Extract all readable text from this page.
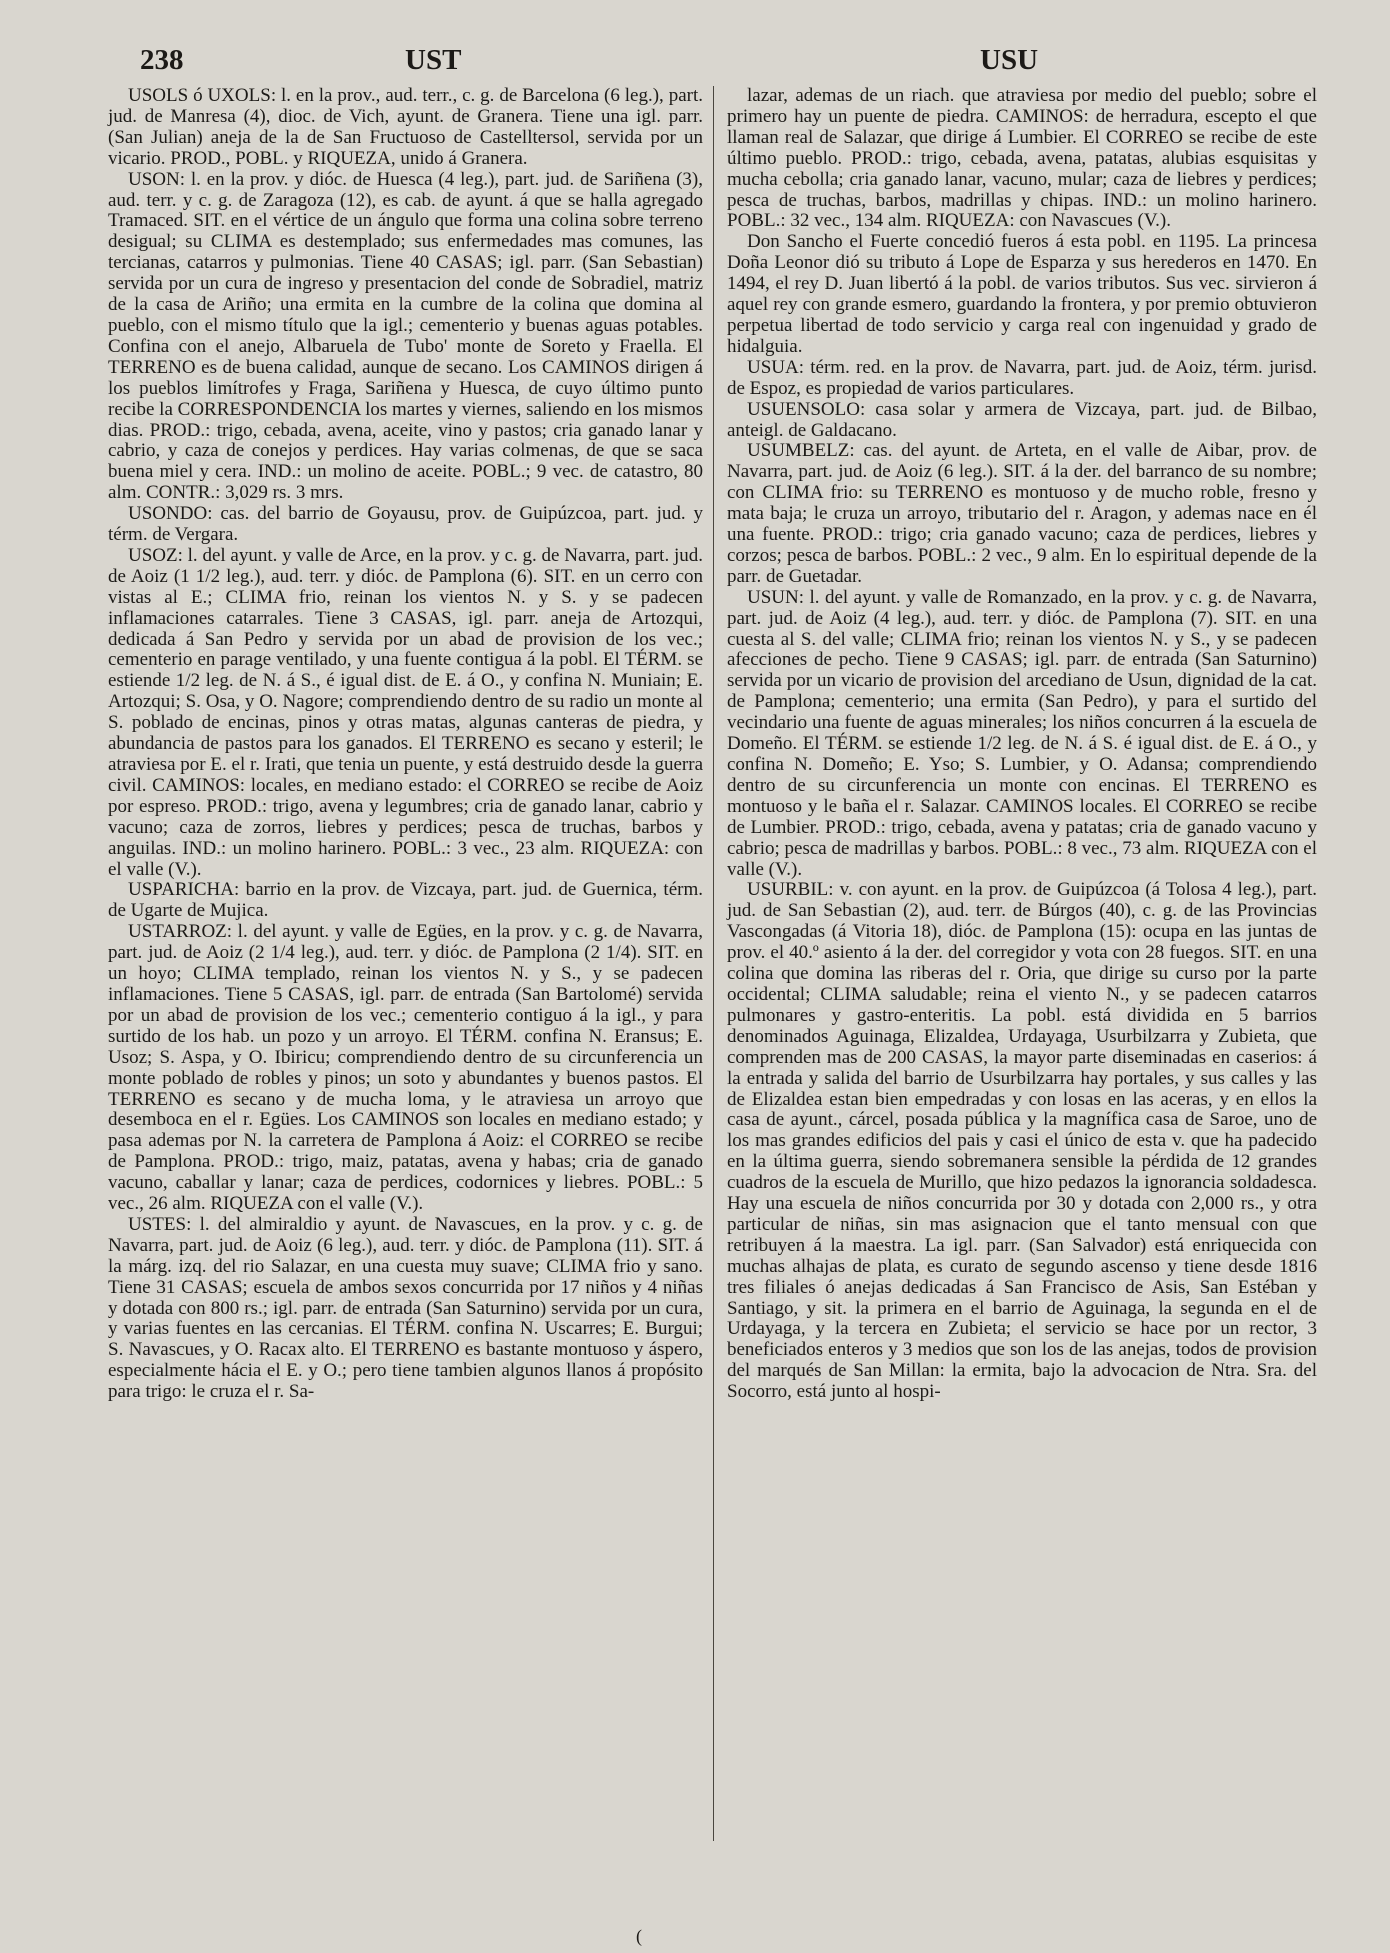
238	UST	USU

USOLS ó UXOLS: l. en la prov., aud. terr., c. g. de Barcelona (6 leg.), part. jud. de Manresa (4), dioc. de Vich, ayunt. de Granera. Tiene una igl. parr. (San Julian) aneja de la de San Fructuoso de Castelltersol, servida por un vicario. PROD., POBL. y RIQUEZA, unido á Granera.

USON: l. en la prov. y dióc. de Huesca (4 leg.), part. jud. de Sariñena (3), aud. terr. y c. g. de Zaragoza (12), es cab. de ayunt. á que se halla agregado Tramaced. SIT. en el vértice de un ángulo que forma una colina sobre terreno desigual; su CLIMA es destemplado; sus enfermedades mas comunes, las tercianas, catarros y pulmonias. Tiene 40 CASAS; igl. parr. (San Sebastian) servida por un cura de ingreso y presentacion del conde de Sobradiel, matriz de la casa de Ariño; una ermita en la cumbre de la colina que domina al pueblo, con el mismo título que la igl.; cementerio y buenas aguas potables. Confina con el anejo, Albaruela de Tubo' monte de Soreto y Fraella. El TERRENO es de buena calidad, aunque de secano. Los CAMINOS dirigen á los pueblos limítrofes y Fraga, Sariñena y Huesca, de cuyo último punto recibe la CORRESPONDENCIA los martes y viernes, saliendo en los mismos dias. PROD.: trigo, cebada, avena, aceite, vino y pastos; cria ganado lanar y cabrio, y caza de conejos y perdices. Hay varias colmenas, de que se saca buena miel y cera. IND.: un molino de aceite. POBL.; 9 vec. de catastro, 80 alm. CONTR.: 3,029 rs. 3 mrs.

USONDO: cas. del barrio de Goyausu, prov. de Guipúzcoa, part. jud. y térm. de Vergara.

USOZ: l. del ayunt. y valle de Arce, en la prov. y c. g. de Navarra, part. jud. de Aoiz (1 1/2 leg.), aud. terr. y dióc. de Pamplona (6). SIT. en un cerro con vistas al E.; CLIMA frio, reinan los vientos N. y S. y se padecen inflamaciones catarrales. Tiene 3 CASAS, igl. parr. aneja de Artozqui, dedicada á San Pedro y servida por un abad de provision de los vec.; cementerio en parage ventilado, y una fuente contigua á la pobl. El TÉRM. se estiende 1/2 leg. de N. á S., é igual dist. de E. á O., y confina N. Muniain; E. Artozqui; S. Osa, y O. Nagore; comprendiendo dentro de su radio un monte al S. poblado de encinas, pinos y otras matas, algunas canteras de piedra, y abundancia de pastos para los ganados. El TERRENO es secano y esteril; le atraviesa por E. el r. Irati, que tenia un puente, y está destruido desde la guerra civil. CAMINOS: locales, en mediano estado: el CORREO se recibe de Aoiz por espreso. PROD.: trigo, avena y legumbres; cria de ganado lanar, cabrio y vacuno; caza de zorros, liebres y perdices; pesca de truchas, barbos y anguilas. IND.: un molino harinero. POBL.: 3 vec., 23 alm. RIQUEZA: con el valle (V.).

USPARICHA: barrio en la prov. de Vizcaya, part. jud. de Guernica, térm. de Ugarte de Mujica.

USTARROZ: l. del ayunt. y valle de Egües, en la prov. y c. g. de Navarra, part. jud. de Aoiz (2 1/4 leg.), aud. terr. y dióc. de Pamplona (2 1/4). SIT. en un hoyo; CLIMA templado, reinan los vientos N. y S., y se padecen inflamaciones. Tiene 5 CASAS, igl. parr. de entrada (San Bartolomé) servida por un abad de provision de los vec.; cementerio contiguo á la igl., y para surtido de los hab. un pozo y un arroyo. El TÉRM. confina N. Eransus; E. Usoz; S. Aspa, y O. Ibiricu; comprendiendo dentro de su circunferencia un monte poblado de robles y pinos; un soto y abundantes y buenos pastos. El TERRENO es secano y de mucha loma, y le atraviesa un arroyo que desemboca en el r. Egües. Los CAMINOS son locales en mediano estado; y pasa ademas por N. la carretera de Pamplona á Aoiz: el CORREO se recibe de Pamplona. PROD.: trigo, maiz, patatas, avena y habas; cria de ganado vacuno, caballar y lanar; caza de perdices, codornices y liebres. POBL.: 5 vec., 26 alm. RIQUEZA con el valle (V.).

USTES: l. del almiraldio y ayunt. de Navascues, en la prov. y c. g. de Navarra, part. jud. de Aoiz (6 leg.), aud. terr. y dióc. de Pamplona (11). SIT. á la márg. izq. del rio Salazar, en una cuesta muy suave; CLIMA frio y sano. Tiene 31 CASAS; escuela de ambos sexos concurrida por 17 niños y 4 niñas y dotada con 800 rs.; igl. parr. de entrada (San Saturnino) servida por un cura, y varias fuentes en las cercanias. El TÉRM. confina N. Uscarres; E. Burgui; S. Navascues, y O. Racax alto. El TERRENO es bastante montuoso y áspero, especialmente hácia el E. y O.; pero tiene tambien algunos llanos á propósito para trigo: le cruza el r. Sa-

lazar, ademas de un riach. que atraviesa por medio del pueblo; sobre el primero hay un puente de piedra. CAMINOS: de herradura, escepto el que llaman real de Salazar, que dirige á Lumbier. El CORREO se recibe de este último pueblo. PROD.: trigo, cebada, avena, patatas, alubias esquisitas y mucha cebolla; cria ganado lanar, vacuno, mular; caza de liebres y perdices; pesca de truchas, barbos, madrillas y chipas. IND.: un molino harinero. POBL.: 32 vec., 134 alm. RIQUEZA: con Navascues (V.).

Don Sancho el Fuerte concedió fueros á esta pobl. en 1195. La princesa Doña Leonor dió su tributo á Lope de Esparza y sus herederos en 1470. En 1494, el rey D. Juan libertó á la pobl. de varios tributos. Sus vec. sirvieron á aquel rey con grande esmero, guardando la frontera, y por premio obtuvieron perpetua libertad de todo servicio y carga real con ingenuidad y grado de hidalguia.

USUA: térm. red. en la prov. de Navarra, part. jud. de Aoiz, térm. jurisd. de Espoz, es propiedad de varios particulares.

USUENSOLO: casa solar y armera de Vizcaya, part. jud. de Bilbao, anteigl. de Galdacano.

USUMBELZ: cas. del ayunt. de Arteta, en el valle de Aibar, prov. de Navarra, part. jud. de Aoiz (6 leg.). SIT. á la der. del barranco de su nombre; con CLIMA frio: su TERRENO es montuoso y de mucho roble, fresno y mata baja; le cruza un arroyo, tributario del r. Aragon, y ademas nace en él una fuente. PROD.: trigo; cria ganado vacuno; caza de perdices, liebres y corzos; pesca de barbos. POBL.: 2 vec., 9 alm. En lo espiritual depende de la parr. de Guetadar.

USUN: l. del ayunt. y valle de Romanzado, en la prov. y c. g. de Navarra, part. jud. de Aoiz (4 leg.), aud. terr. y dióc. de Pamplona (7). SIT. en una cuesta al S. del valle; CLIMA frio; reinan los vientos N. y S., y se padecen afecciones de pecho. Tiene 9 CASAS; igl. parr. de entrada (San Saturnino) servida por un vicario de provision del arcediano de Usun, dignidad de la cat. de Pamplona; cementerio; una ermita (San Pedro), y para el surtido del vecindario una fuente de aguas minerales; los niños concurren á la escuela de Domeño. El TÉRM. se estiende 1/2 leg. de N. á S. é igual dist. de E. á O., y confina N. Domeño; E. Yso; S. Lumbier, y O. Adansa; comprendiendo dentro de su circunferencia un monte con encinas. El TERRENO es montuoso y le baña el r. Salazar. CAMINOS locales. El CORREO se recibe de Lumbier. PROD.: trigo, cebada, avena y patatas; cria de ganado vacuno y cabrio; pesca de madrillas y barbos. POBL.: 8 vec., 73 alm. RIQUEZA con el valle (V.).

USURBIL: v. con ayunt. en la prov. de Guipúzcoa (á Tolosa 4 leg.), part. jud. de San Sebastian (2), aud. terr. de Búrgos (40), c. g. de las Provincias Vascongadas (á Vitoria 18), dióc. de Pamplona (15): ocupa en las juntas de prov. el 40.º asiento á la der. del corregidor y vota con 28 fuegos. SIT. en una colina que domina las riberas del r. Oria, que dirige su curso por la parte occidental; CLIMA saludable; reina el viento N., y se padecen catarros pulmonares y gastro-enteritis. La pobl. está dividida en 5 barrios denominados Aguinaga, Elizaldea, Urdayaga, Usurbilzarra y Zubieta, que comprenden mas de 200 CASAS, la mayor parte diseminadas en caserios: á la entrada y salida del barrio de Usurbilzarra hay portales, y sus calles y las de Elizaldea estan bien empedradas y con losas en las aceras, y en ellos la casa de ayunt., cárcel, posada pública y la magnífica casa de Saroe, uno de los mas grandes edificios del pais y casi el único de esta v. que ha padecido en la última guerra, siendo sobremanera sensible la pérdida de 12 grandes cuadros de la escuela de Murillo, que hizo pedazos la ignorancia soldadesca. Hay una escuela de niños concurrida por 30 y dotada con 2,000 rs., y otra particular de niñas, sin mas asignacion que el tanto mensual con que retribuyen á la maestra. La igl. parr. (San Salvador) está enriquecida con muchas alhajas de plata, es curato de segundo ascenso y tiene desde 1816 tres filiales ó anejas dedicadas á San Francisco de Asis, San Estéban y Santiago, y sit. la primera en el barrio de Aguinaga, la segunda en el de Urdayaga, y la tercera en Zubieta; el servicio se hace por un rector, 3 beneficiados enteros y 3 medios que son los de las anejas, todos de provision del marqués de San Millan: la ermita, bajo la advocacion de Ntra. Sra. del Socorro, está junto al hospi-

(
